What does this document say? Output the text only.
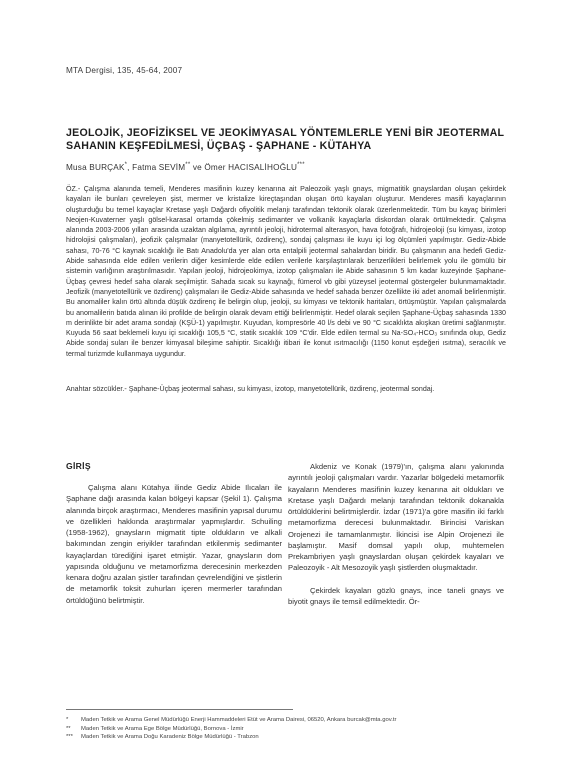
MTA Dergisi, 135, 45-64, 2007
JEOLOJİK, JEOFİZİKSEL VE JEOKİMYASAL YÖNTEMLERLE YENİ BİR JEOTERMAL SAHANIN KEŞFEDİLMESİ, ÜÇBAŞ - ŞAPHANE - KÜTAHYA
Musa BURÇAK*, Fatma SEVİM** ve Ömer HACISALİHOĞLU***
ÖZ.- Çalışma alanında temeli, Menderes masifinin kuzey kenarına ait Paleozoik yaşlı gnays, migmatitik gnayslardan oluşan çekirdek kayaları ile bunları çevreleyen şist, mermer ve kristalize kireçtaşından oluşan örtü kayaları oluşturur. Menderes masifi kayaçlarının oluşturduğu bu temel kayaçlar Kretase yaşlı Dağardı ofiyolitik melanjı tarafından tektonik olarak üzerlenmektedir. Tüm bu kayaç birimleri Neojen-Kuvaterner yaşlı gölsel-karasal ortamda çökelmiş sedimanter ve volkanik kayaçlarla diskordan olarak örtülmektedir. Çalışma alanında 2003-2006 yılları arasında uzaktan algılama, ayrıntılı jeoloji, hidrotermal alterasyon, hava fotoğrafı, hidrojeoloji (su kimyası, izotop hidrolojisi çalışmaları), jeofizik çalışmalar (manyetotellürik, özdirenç), sondaj çalışması ile kuyu içi log ölçümleri yapılmıştır. Gediz-Abide sahası, 70-76 °C kaynak sıcaklığı ile Batı Anadolu'da yer alan orta entalpili jeotermal sahalardan biridir. Bu çalışmanın ana hedefi Gediz-Abide sahasında elde edilen verilerin diğer kesimlerde elde edilen verilerle karşılaştırılarak benzerlikleri belirlemek yolu ile gömülü bir sistemin varlığının araştırılmasıdır. Yapılan jeoloji, hidrojeokimya, izotop çalışmaları ile Abide sahasının 5 km kadar kuzeyinde Şaphane-Üçbaş çevresi hedef saha olarak seçilmiştir. Sahada sıcak su kaynağı, fümerol vb gibi yüzeysel jeotermal göstergeler bulunmamaktadır. Jeofizik (manyetotellürik ve özdirenç) çalışmaları ile Gediz-Abide sahasında ve hedef sahada benzer özellikte iki adet anomali belirlenmiştir. Bu anomaliler kalın örtü altında düşük özdirenç ile belirgin olup, jeoloji, su kimyası ve tektonik haritaları, örtüşmüştür. Yapılan çalışmalarda bu anomalilerin batıda alınan iki profilde de belirgin olarak devam ettiği belirlenmiştir. Hedef olarak seçilen Şaphane-Üçbaş sahasında 1330 m derinlikte bir adet arama sondajı (KŞÜ-1) yapılmıştır. Kuyudan, kompresörle 40 l/s debi ve 90 °C sıcaklıkta akışkan üretimi sağlanmıştır. Kuyuda 56 saat beklemeli kuyu içi sıcaklığı 105,5 °C, statik sıcaklık 109 °C'dir. Elde edilen termal su Na-SO₄-HCO₃ sınıfında olup, Gediz Abide sondaj suları ile benzer kimyasal bileşime sahiptir. Sıcaklığı itibari ile konut ısıtmacılığı (1150 konut eşdeğeri ısıtma), seracılık ve termal turizmde kullanmaya uygundur.
Anahtar sözcükler.- Şaphane-Üçbaş jeotermal sahası, su kimyası, izotop, manyetotellürik, özdirenç, jeotermal sondaj.
GİRİŞ

Çalışma alanı Kütahya ilinde Gediz Abide Ilıcaları ile Şaphane dağı arasında kalan bölgeyi kapsar (Şekil 1). Çalışma alanında birçok araştırmacı, Menderes masifinin yapısal durumu ve özellikleri hakkında araştırmalar yapmışlardır. Schuiling (1958-1962), gnaysların migmatit tipte oldukların ve alkali bakımından zengin eriyikler tarafından etkilenmiş sedimanter kayaçlardan türediğini işaret etmiştir. Yazar, gnaysların dom yapısında olduğunu ve metamorfizma derecesinin merkezden kenara doğru azalan şistler tarafından çevrelendiğini ve şistlerin de metamorfik toksit zuhurları içeren mermerler tarafından örtüldüğünü belirtmiştir.

Akdeniz ve Konak (1979)'ın, çalışma alanı yakınında ayrıntılı jeoloji çalışmaları vardır. Yazarlar bölgedeki metamorfik kayaların Menderes masifinin kuzey kenarına ait oldukları ve Kretase yaşlı Dağardı melanjı tarafından tektonik dokanakla örtüldüklerini belirtmişlerdir. İzdar (1971)'a göre masifin iki farklı metamorfizma derecesi bulunmaktadır. Birincisi Variskan Orojenezi ile tamamlanmıştır. İkincisi ise Alpin Orojenezi ile başlamıştır. Masif domsal yapılı olup, muhtemelen Prekambriyen yaşlı gnayslardan oluşan çekirdek kayaları ve Paleozoyik - Alt Mesozoyik yaşlı şistlerden oluşmaktadır.

Çekirdek kayaları gözlü gnays, ince taneli gnays ve biyotit gnays ile temsil edilmektedir. Ör-

*	Maden Tetkik ve Arama Genel Müdürlüğü Enerji Hammaddeleri Etüt ve Arama Dairesi, 06520, Ankara burcak@mta.gov.tr
**	Maden Tetkik ve Arama Ege Bölge Müdürlüğü, Bornova - İzmir
***	Maden Tetkik ve Arama Doğu Karadeniz Bölge Müdürlüğü - Trabzon
